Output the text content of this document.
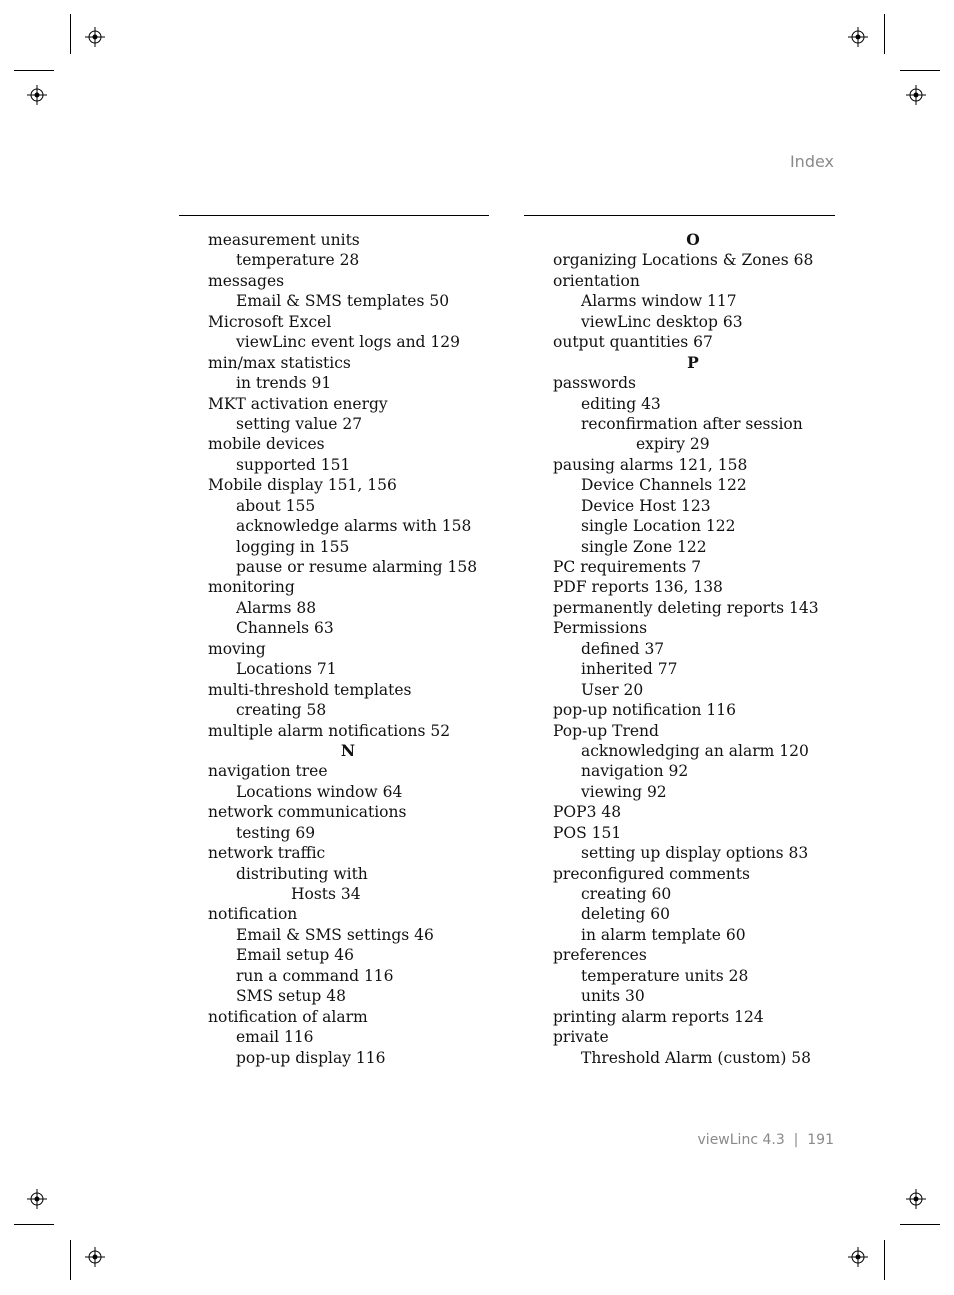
Index
measurement units
temperature 28
messages
Email & SMS templates 50
Microsoft Excel
viewLinc event logs and 129
min/max statistics
in trends 91
MKT activation energy
setting value 27
mobile devices
supported 151
Mobile display 151, 156
about 155
acknowledge alarms with 158
logging in 155
pause or resume alarming 158
monitoring
Alarms 88
Channels 63
moving
Locations 71
multi-threshold templates
creating 58
multiple alarm notifications 52
N
navigation tree
Locations window 64
network communications
testing 69
network traffic
distributing with
Hosts 34
notification
Email & SMS settings 46
Email setup 46
run a command 116
SMS setup 48
notification of alarm
email 116
pop-up display 116
O
organizing Locations & Zones 68
orientation
Alarms window 117
viewLinc desktop 63
output quantities 67
P
passwords
editing 43
reconfirmation after session
expiry 29
pausing alarms 121, 158
Device Channels 122
Device Host 123
single Location 122
single Zone 122
PC requirements 7
PDF reports 136, 138
permanently deleting reports 143
Permissions
defined 37
inherited 77
User 20
pop-up notification 116
Pop-up Trend
acknowledging an alarm 120
navigation 92
viewing 92
POP3 48
POS 151
setting up display options 83
preconfigured comments
creating 60
deleting 60
in alarm template 60
preferences
temperature units 28
units 30
printing alarm reports 124
private
Threshold Alarm (custom) 58
viewLinc 4.3 | 191
